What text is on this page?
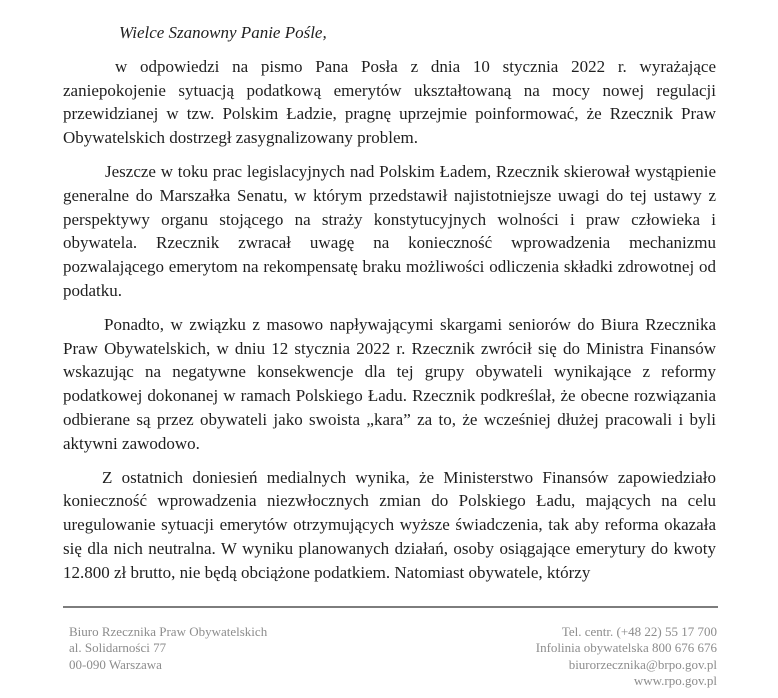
Wielce Szanowny Panie Pośle,

w odpowiedzi na pismo Pana Posła z dnia 10 stycznia 2022 r. wyrażające zaniepokojenie sytuacją podatkową emerytów ukształtowaną na mocy nowej regulacji przewidzianej w tzw. Polskim Ładzie, pragnę uprzejmie poinformować, że Rzecznik Praw Obywatelskich dostrzegł zasygnalizowany problem.

Jeszcze w toku prac legislacyjnych nad Polskim Ładem, Rzecznik skierował wystąpienie generalne do Marszałka Senatu, w którym przedstawił najistotniejsze uwagi do tej ustawy z perspektywy organu stojącego na straży konstytucyjnych wolności i praw człowieka i obywatela. Rzecznik zwracał uwagę na konieczność wprowadzenia mechanizmu pozwalającego emerytom na rekompensatę braku możliwości odliczenia składki zdrowotnej od podatku.

Ponadto, w związku z masowo napływającymi skargami seniorów do Biura Rzecznika Praw Obywatelskich, w dniu 12 stycznia 2022 r. Rzecznik zwrócił się do Ministra Finansów wskazując na negatywne konsekwencje dla tej grupy obywateli wynikające z reformy podatkowej dokonanej w ramach Polskiego Ładu. Rzecznik podkreślał, że obecne rozwiązania odbierane są przez obywateli jako swoista „kara” za to, że wcześniej dłużej pracowali i byli aktywni zawodowo.

Z ostatnich doniesień medialnych wynika, że Ministerstwo Finansów zapowiedziało konieczność wprowadzenia niezwłocznych zmian do Polskiego Ładu, mających na celu uregulowanie sytuacji emerytów otrzymujących wyższe świadczenia, tak aby reforma okazała się dla nich neutralna. W wyniku planowanych działań, osoby osiągające emerytury do kwoty 12.800 zł brutto, nie będą obciążone podatkiem. Natomiast obywatele, którzy

Biuro Rzecznika Praw Obywatelskich
al. Solidarności 77
00-090 Warszawa
Tel. centr. (+48 22) 55 17 700
Infolinia obywatelska 800 676 676
biurorzecznika@brpo.gov.pl
www.rpo.gov.pl
